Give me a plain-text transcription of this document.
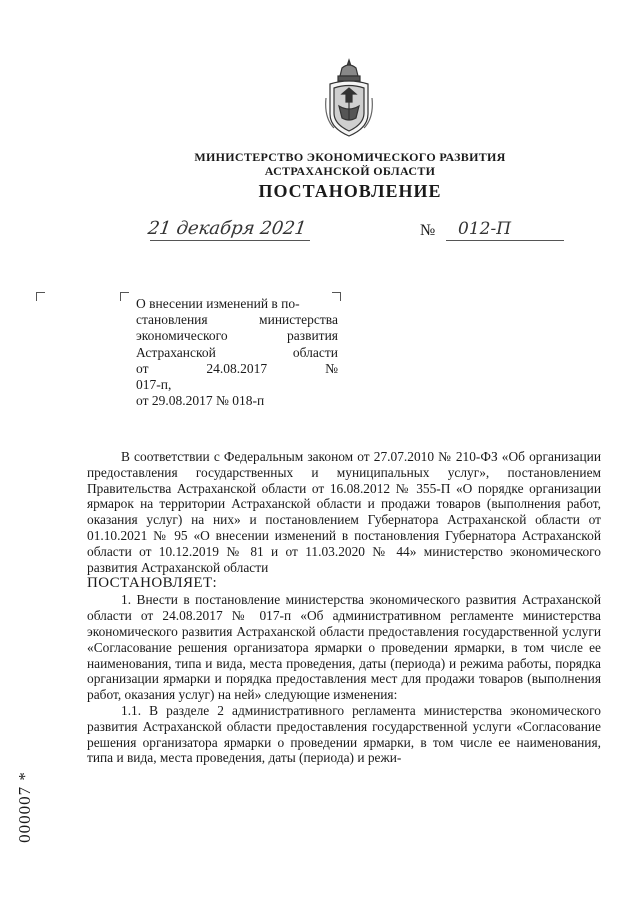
МИНИСТЕРСТВО ЭКОНОМИЧЕСКОГО РАЗВИТИЯ
АСТРАХАНСКОЙ ОБЛАСТИ
ПОСТАНОВЛЕНИЕ
21 декабря 2021	№ 012-П

О внесении изменений в по-

становления министерства

экономического развития

Астраханской области

от 24.08.2017 № 017-п,

от 29.08.2017 № 018-п

В соответствии с Федеральным законом от 27.07.2010 № 210-ФЗ «Об организации предоставления государственных и муниципальных услуг», постановлением Правительства Астраханской области от 16.08.2012 № 355-П «О порядке организации ярмарок на территории Астраханской области и продажи товаров (выполнения работ, оказания услуг) на них» и постановлением Губернатора Астраханской области от 01.10.2021 № 95 «О внесении изменений в постановления Губернатора Астраханской области от 10.12.2019 № 81 и от 11.03.2020 № 44» министерство экономического развития Астраханской области

ПОСТАНОВЛЯЕТ:

1. Внести в постановление министерства экономического развития Астраханской области от 24.08.2017 № 017-п «Об административном регламенте министерства экономического развития Астраханской области предоставления государственной услуги «Согласование решения организатора ярмарки о проведении ярмарки, в том числе ее наименования, типа и вида, места проведения, даты (периода) и режима работы, порядка организации ярмарки и порядка предоставления мест для продажи товаров (выполнения работ, оказания услуг) на ней» следующие изменения:

1.1. В разделе 2 административного регламента министерства экономического развития Астраханской области предоставления государственной услуги «Согласование решения организатора ярмарки о проведении ярмарки, в том числе ее наименования, типа и вида, места проведения, даты (периода) и режи-

000007 *
